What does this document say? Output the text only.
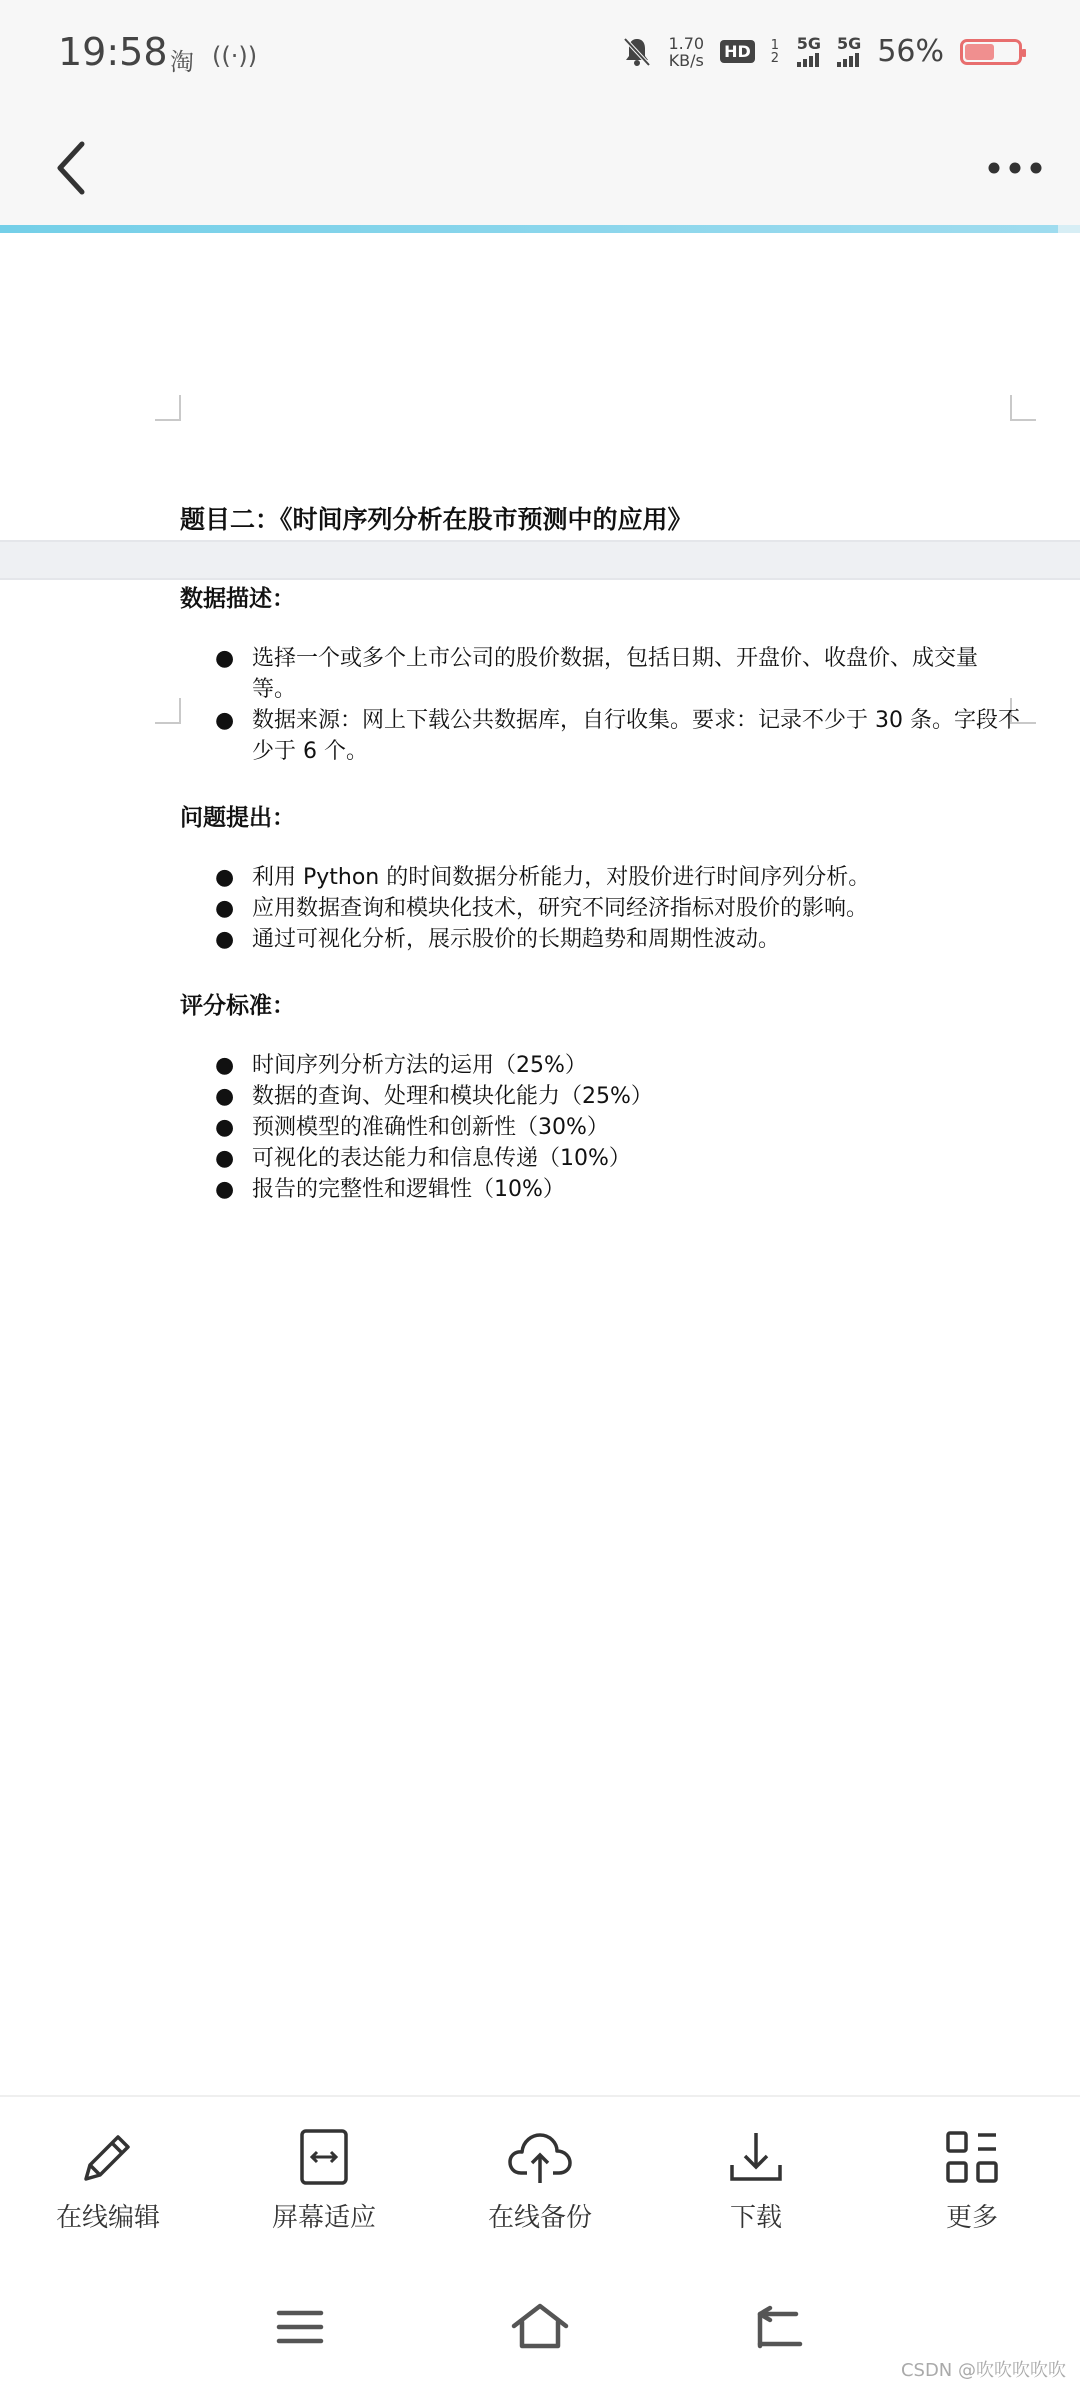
19:58 淘 ((·))	1.70
KB/s HD	1 2
5G 5G 56%
题目二：《时间序列分析在股市预测中的应用》
数据描述：
● 选择一个或多个上市公司的股价数据，包括日期、开盘价、收盘价、成交量等。
● 数据来源：网上下载公共数据库，自行收集。要求：记录不少于 30 条。字段不少于 6 个。
问题提出：
● 利用 Python 的时间数据分析能力，对股价进行时间序列分析。
● 应用数据查询和模块化技术，研究不同经济指标对股价的影响。
● 通过可视化分析，展示股价的长期趋势和周期性波动。
评分标准：
● 时间序列分析方法的运用（25%）
● 数据的查询、处理和模块化能力（25%）
● 预测模型的准确性和创新性（30%）
● 可视化的表达能力和信息传递（10%）
● 报告的完整性和逻辑性（10%）
在线编辑	屏幕适应	在线备份	下载	更多
CSDN @吹吹吹吹吹
